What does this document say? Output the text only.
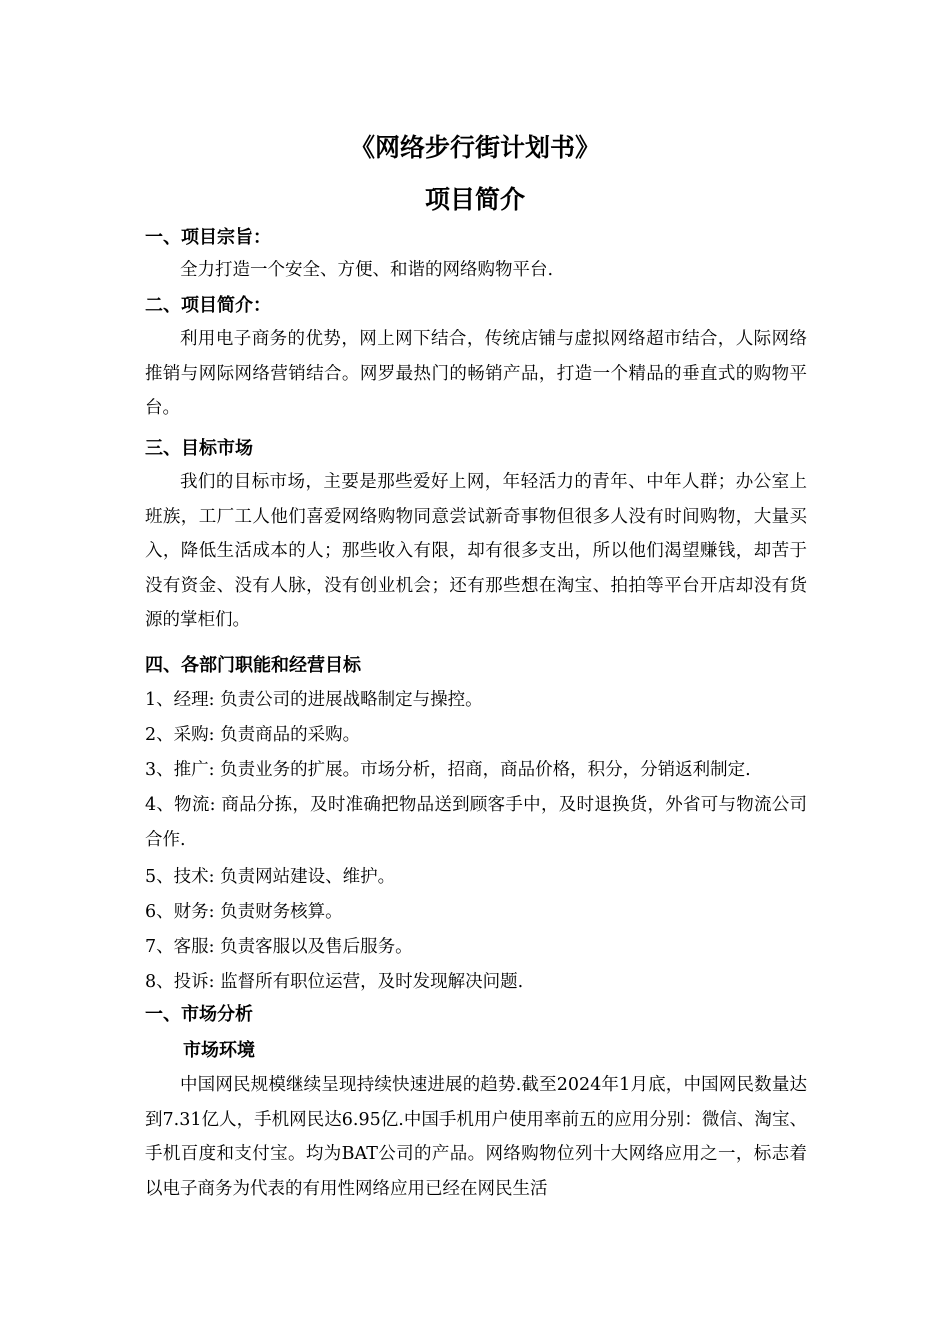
《网络步行街计划书》
项目简介
一、项目宗旨：

全力打造一个安全、方便、和谐的网络购物平台.

二、项目简介：

利用电子商务的优势，网上网下结合，传统店铺与虚拟网络超市结合，人际网络推销与网际网络营销结合。网罗最热门的畅销产品，打造一个精品的垂直式的购物平台。

三、目标市场

我们的目标市场，主要是那些爱好上网，年轻活力的青年、中年人群；办公室上班族，工厂工人他们喜爱网络购物同意尝试新奇事物但很多人没有时间购物，大量买入，降低生活成本的人；那些收入有限，却有很多支出，所以他们渴望赚钱，却苦于没有资金、没有人脉，没有创业机会；还有那些想在淘宝、拍拍等平台开店却没有货源的掌柜们。

四、各部门职能和经营目标

1、经理: 负责公司的进展战略制定与操控。

2、采购: 负责商品的采购。

3、推广: 负责业务的扩展。市场分析，招商，商品价格，积分，分销返利制定.

4、物流: 商品分拣，及时准确把物品送到顾客手中，及时退换货，外省可与物流公司合作.

5、技术: 负责网站建设、维护。

6、财务: 负责财务核算。

7、客服: 负责客服以及售后服务。

8、投诉: 监督所有职位运营，及时发现解决问题.

一、市场分析
市场环境

中国网民规模继续呈现持续快速进展的趋势.截至2024年1月底，中国网民数量达到7.31亿人，手机网民达6.95亿.中国手机用户使用率前五的应用分别：微信、淘宝、手机百度和支付宝。均为BAT公司的产品。网络购物位列十大网络应用之一，标志着以电子商务为代表的有用性网络应用已经在网民生活
